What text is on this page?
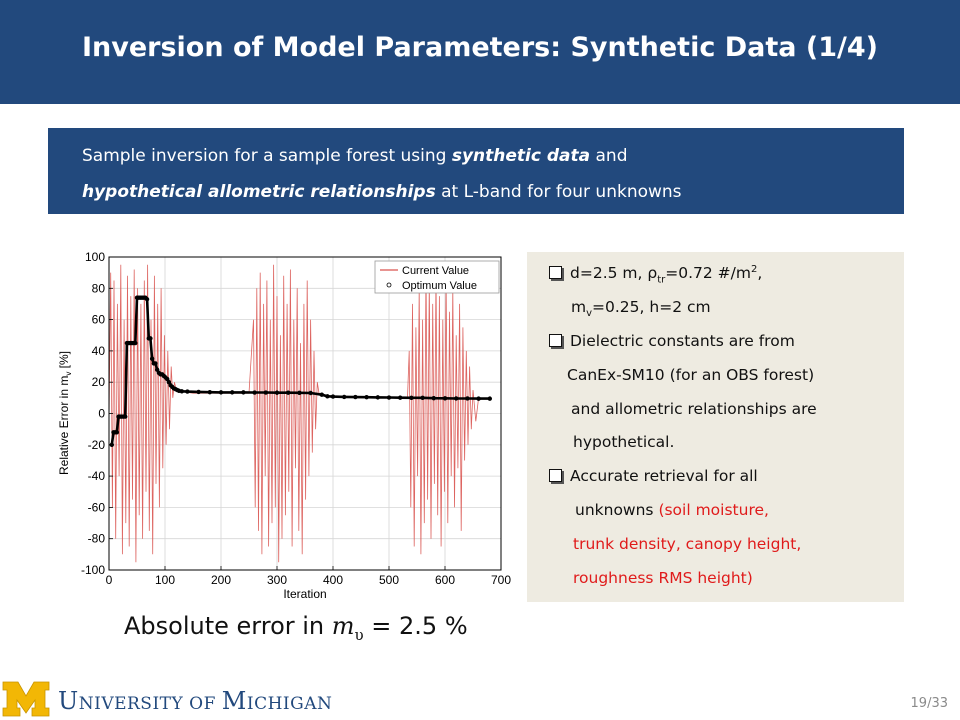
Inversion of Model Parameters: Synthetic Data (1/4)
Sample inversion for a sample forest using synthetic data and
hypothetical allometric relationships at L-band for four unknowns
0	100	200	300	400	500	600	700
-100
-80
-60
-40
-20
0
20
40
60
80
100
Iteration
Relative Error in $m_v$ [%]
Current Value
Optimum Value
d=2.5 m, $\rho_{tr}=0.72$ $\#/m^2$,
$m_v=0.25$, h=2 cm
Dielectric constants are from
CanEx-SM10 (for an OBS forest)
and allometric relationships are
hypothetical.
Accurate retrieval for all
unknowns (soil moisture,
trunk density, canopy height,
roughness RMS height)
Absolute error in $m_\upsilon = 2.5$ %
UNIVERSITY OF MICHIGAN	19/33
